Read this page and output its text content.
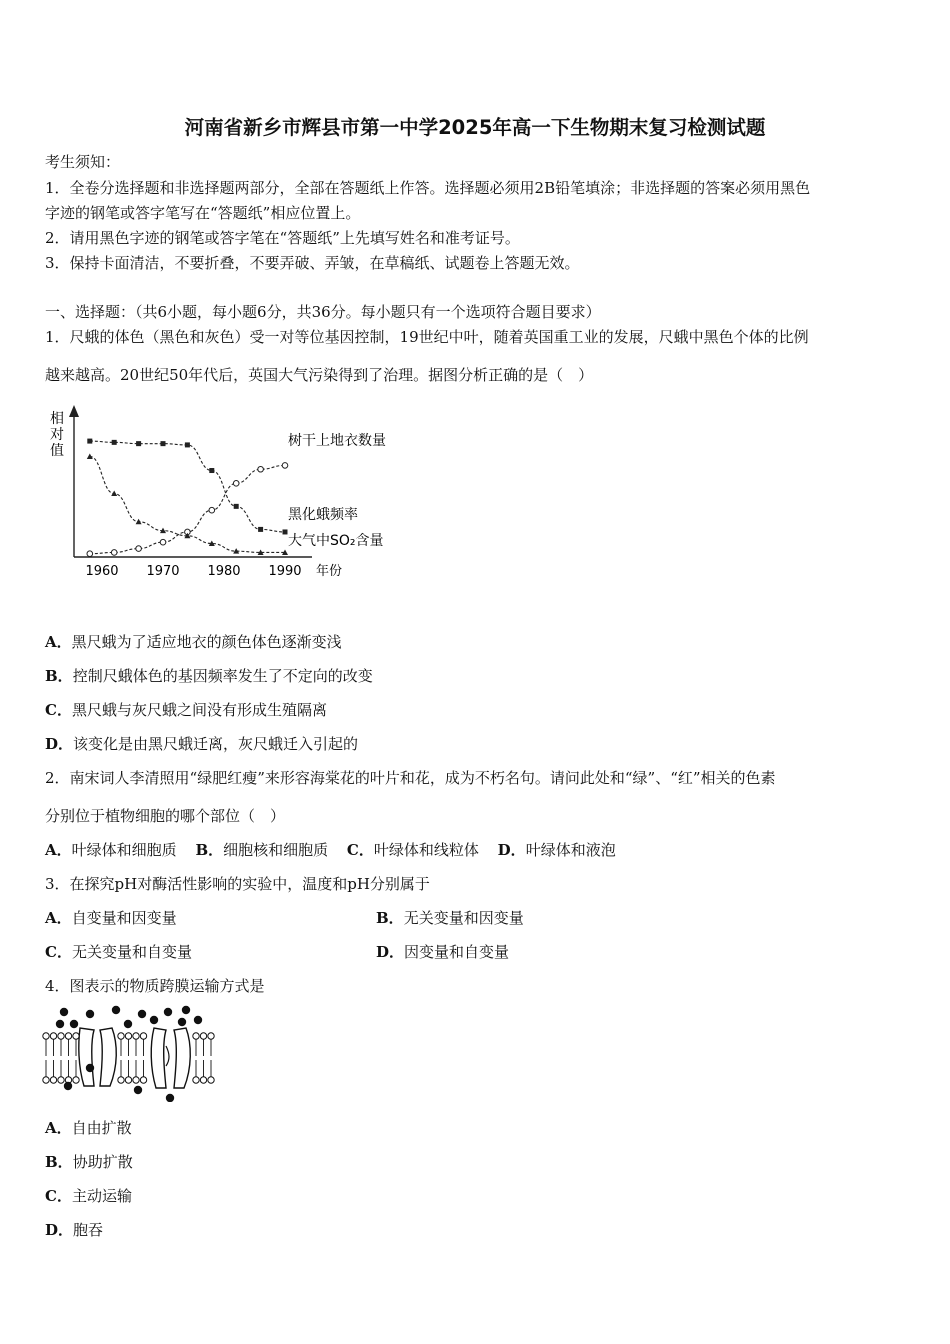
河南省新乡市辉县市第一中学2025年高一下生物期末复习检测试题
考生须知：
1．全卷分选择题和非选择题两部分，全部在答题纸上作答。选择题必须用2B铅笔填涂；非选择题的答案必须用黑色
字迹的钢笔或答字笔写在“答题纸”相应位置上。
2．请用黑色字迹的钢笔或答字笔在“答题纸”上先填写姓名和准考证号。
3．保持卡面清洁，不要折叠，不要弄破、弄皱，在草稿纸、试题卷上答题无效。
一、选择题：（共6小题，每小题6分，共36分。每小题只有一个选项符合题目要求）
1．尺蛾的体色（黑色和灰色）受一对等位基因控制，19世纪中叶，随着英国重工业的发展，尺蛾中黑色个体的比例
越来越高。20世纪50年代后，英国大气污染得到了治理。据图分析正确的是（　）
相
对
值
1960 1970 1980 1990 年份
树干上地衣数量
黑化蛾频率
大气中SO₂含量
A．黑尺蛾为了适应地衣的颜色体色逐渐变浅
B．控制尺蛾体色的基因频率发生了不定向的改变
C．黑尺蛾与灰尺蛾之间没有形成生殖隔离
D．该变化是由黑尺蛾迁离，灰尺蛾迁入引起的
2．南宋词人李清照用“绿肥红瘦”来形容海棠花的叶片和花，成为不朽名句。请问此处和“绿”、“红”相关的色素
分别位于植物细胞的哪个部位（　）
A．叶绿体和细胞质 B．细胞核和细胞质 C．叶绿体和线粒体 D．叶绿体和液泡
3．在探究pH对酶活性影响的实验中，温度和pH分别属于
A．自变量和因变量	B．无关变量和因变量
C．无关变量和自变量	D．因变量和自变量
4．图表示的物质跨膜运输方式是
A．自由扩散
B．协助扩散
C．主动运输
D．胞吞
